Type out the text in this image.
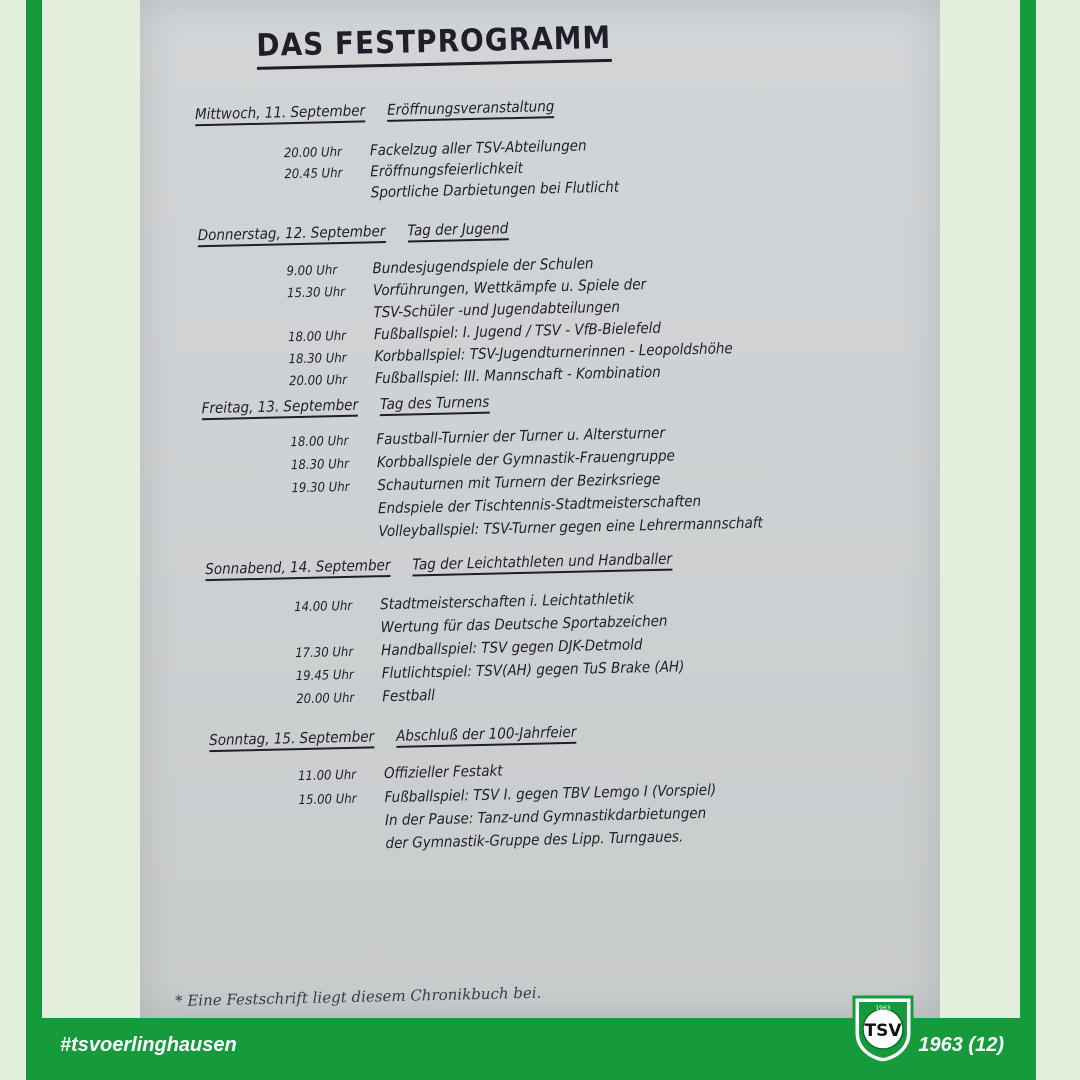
DAS FESTPROGRAMM
Mittwoch, 11. September Eröffnungsveranstaltung
20.00 Uhr Fackelzug aller TSV-Abteilungen
20.45 Uhr Eröffnungsfeierlichkeit
Sportliche Darbietungen bei Flutlicht
Donnerstag, 12. September Tag der Jugend
9.00 Uhr Bundesjugendspiele der Schulen
15.30 Uhr Vorführungen, Wettkämpfe u. Spiele der
TSV-Schüler -und Jugendabteilungen
18.00 Uhr Fußballspiel: I. Jugend / TSV - VfB-Bielefeld
18.30 Uhr Korbballspiel: TSV-Jugendturnerinnen - Leopoldshöhe
20.00 Uhr Fußballspiel: III. Mannschaft - Kombination
Freitag, 13. September Tag des Turnens
18.00 Uhr Faustball-Turnier der Turner u. Altersturner
18.30 Uhr Korbballspiele der Gymnastik-Frauengruppe
19.30 Uhr Schauturnen mit Turnern der Bezirksriege
Endspiele der Tischtennis-Stadtmeisterschaften
Volleyballspiel: TSV-Turner gegen eine Lehrermannschaft
Sonnabend, 14. September Tag der Leichtathleten und Handballer
14.00 Uhr Stadtmeisterschaften i. Leichtathletik
Wertung für das Deutsche Sportabzeichen
17.30 Uhr Handballspiel: TSV gegen DJK-Detmold
19.45 Uhr Flutlichtspiel: TSV(AH) gegen TuS Brake (AH)
20.00 Uhr Festball
Sonntag, 15. September Abschluß der 100-Jahrfeier
11.00 Uhr Offizieller Festakt
15.00 Uhr Fußballspiel: TSV I. gegen TBV Lemgo I (Vorspiel)
In der Pause: Tanz-und Gymnastikdarbietungen
der Gymnastik-Gruppe des Lipp. Turngaues.
* Eine Festschrift liegt diesem Chronikbuch bei.
#tsvoerlinghausen	1963 (12)
1963
TSV
